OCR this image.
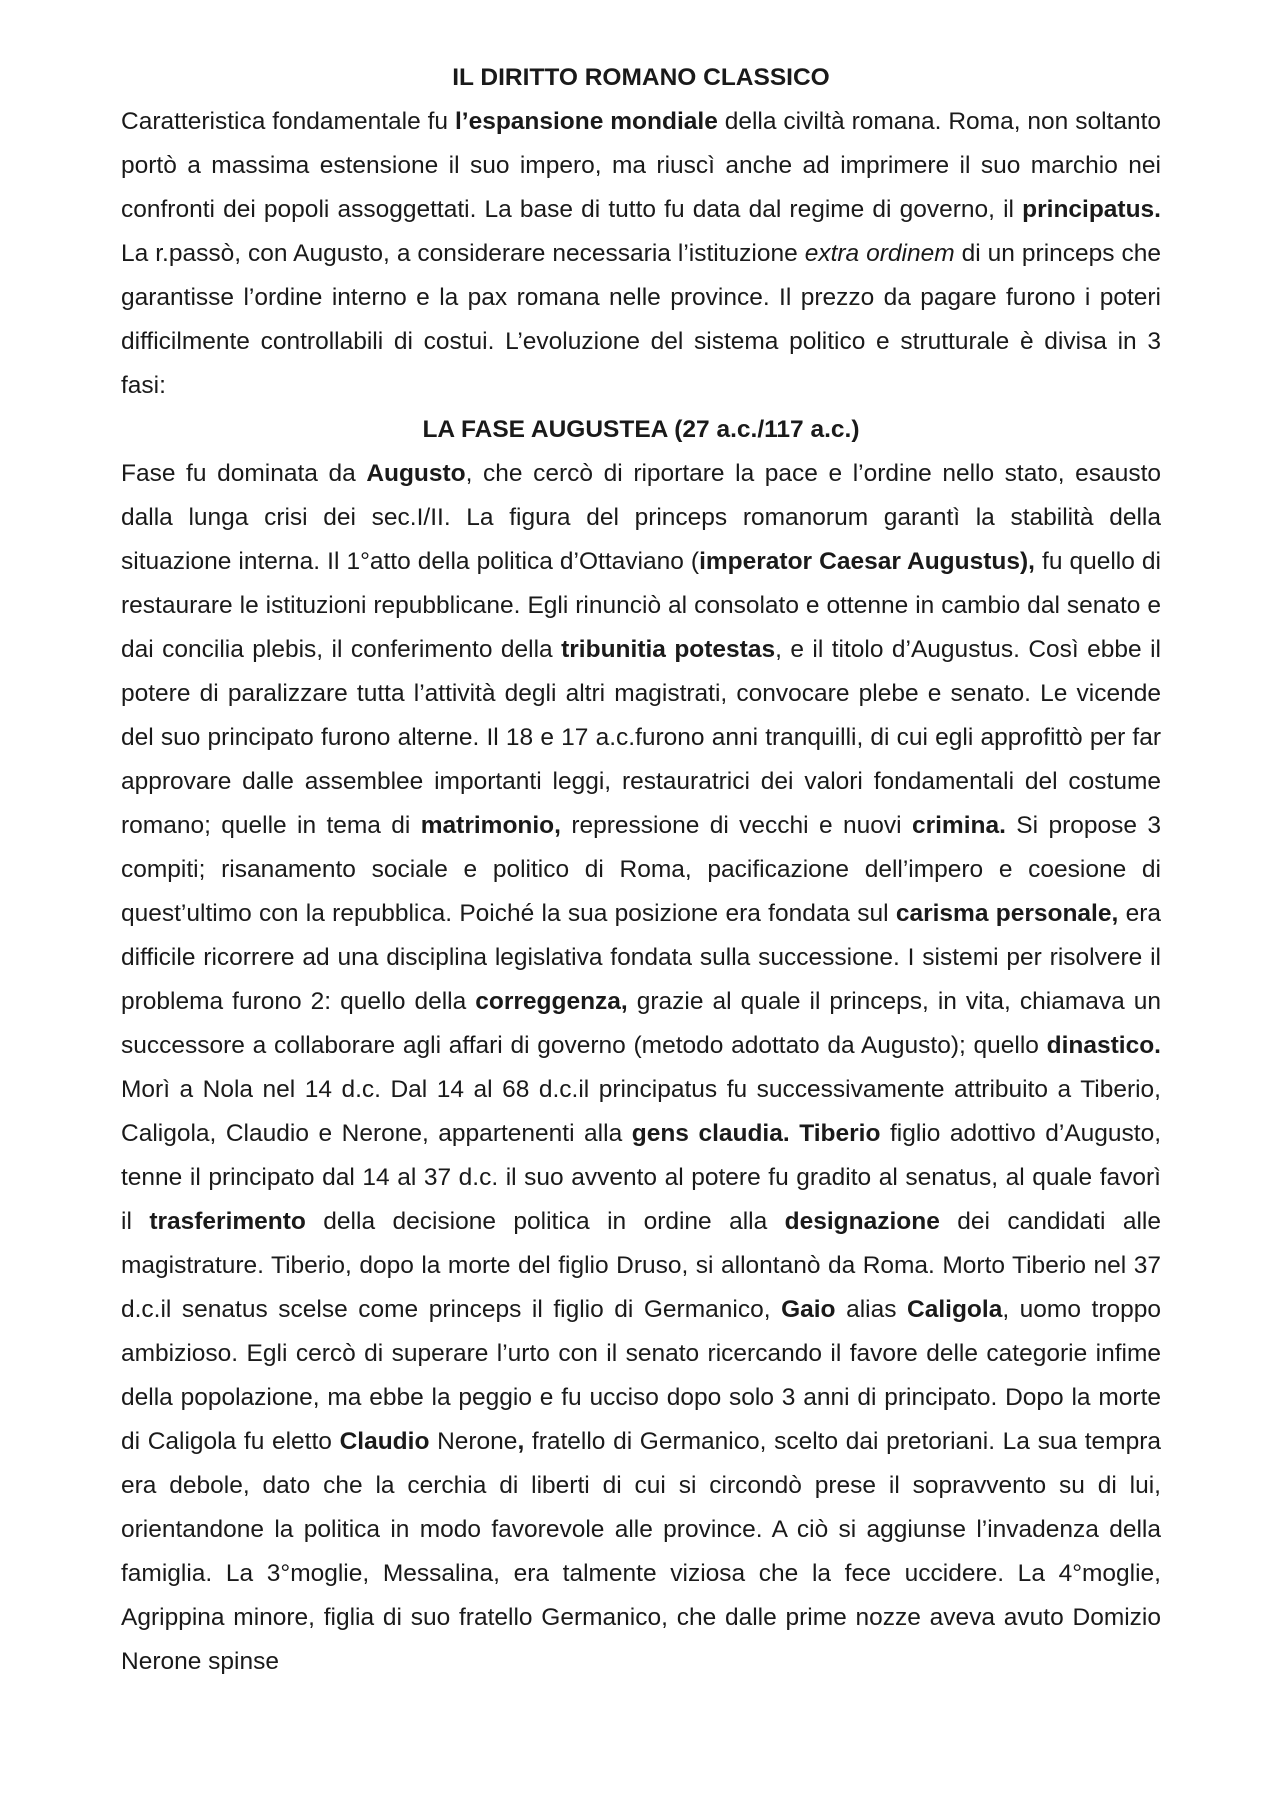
IL DIRITTO ROMANO CLASSICO

Caratteristica fondamentale fu l’espansione mondiale della civiltà romana. Roma, non soltanto portò a massima estensione il suo impero, ma riuscì anche ad imprimere il suo marchio nei confronti dei popoli assoggettati. La base di tutto fu data dal regime di governo, il principatus. La r.passò, con Augusto, a considerare necessaria l’istituzione extra ordinem di un princeps che garantisse l’ordine interno e la pax romana nelle province. Il prezzo da pagare furono i poteri difficilmente controllabili di costui. L’evoluzione del sistema politico e strutturale è divisa in 3 fasi:

LA FASE AUGUSTEA (27 a.c./117 a.c.)

Fase fu dominata da Augusto, che cercò di riportare la pace e l’ordine nello stato, esausto dalla lunga crisi dei sec.I/II. La figura del princeps romanorum garantì la stabilità della situazione interna. Il 1°atto della politica d’Ottaviano (imperator Caesar Augustus), fu quello di restaurare le istituzioni repubblicane. Egli rinunciò al consolato e ottenne in cambio dal senato e dai concilia plebis, il conferimento della tribunitia potestas, e il titolo d’Augustus. Così ebbe il potere di paralizzare tutta l’attività degli altri magistrati, convocare plebe e senato. Le vicende del suo principato furono alterne. Il 18 e 17 a.c.furono anni tranquilli, di cui egli approfittò per far approvare dalle assemblee importanti leggi, restauratrici dei valori fondamentali del costume romano; quelle in tema di matrimonio, repressione di vecchi e nuovi crimina. Si propose 3 compiti; risanamento sociale e politico di Roma, pacificazione dell’impero e coesione di quest’ultimo con la repubblica. Poiché la sua posizione era fondata sul carisma personale, era difficile ricorrere ad una disciplina legislativa fondata sulla successione. I sistemi per risolvere il problema furono 2: quello della correggenza, grazie al quale il princeps, in vita, chiamava un successore a collaborare agli affari di governo (metodo adottato da Augusto); quello dinastico. Morì a Nola nel 14 d.c. Dal 14 al 68 d.c.il principatus fu successivamente attribuito a Tiberio, Caligola, Claudio e Nerone, appartenenti alla gens claudia. Tiberio figlio adottivo d’Augusto, tenne il principato dal 14 al 37 d.c. il suo avvento al potere fu gradito al senatus, al quale favorì il trasferimento della decisione politica in ordine alla designazione dei candidati alle magistrature. Tiberio, dopo la morte del figlio Druso, si allontanò da Roma. Morto Tiberio nel 37 d.c.il senatus scelse come princeps il figlio di Germanico, Gaio alias Caligola, uomo troppo ambizioso. Egli cercò di superare l’urto con il senato ricercando il favore delle categorie infime della popolazione, ma ebbe la peggio e fu ucciso dopo solo 3 anni di principato. Dopo la morte di Caligola fu eletto Claudio Nerone, fratello di Germanico, scelto dai pretoriani. La sua tempra era debole, dato che la cerchia di liberti di cui si circondò prese il sopravvento su di lui, orientandone la politica in modo favorevole alle province. A ciò si aggiunse l’invadenza della famiglia. La 3°moglie, Messalina, era talmente viziosa che la fece uccidere. La 4°moglie, Agrippina minore, figlia di suo fratello Germanico, che dalle prime nozze aveva avuto Domizio Nerone spinse
